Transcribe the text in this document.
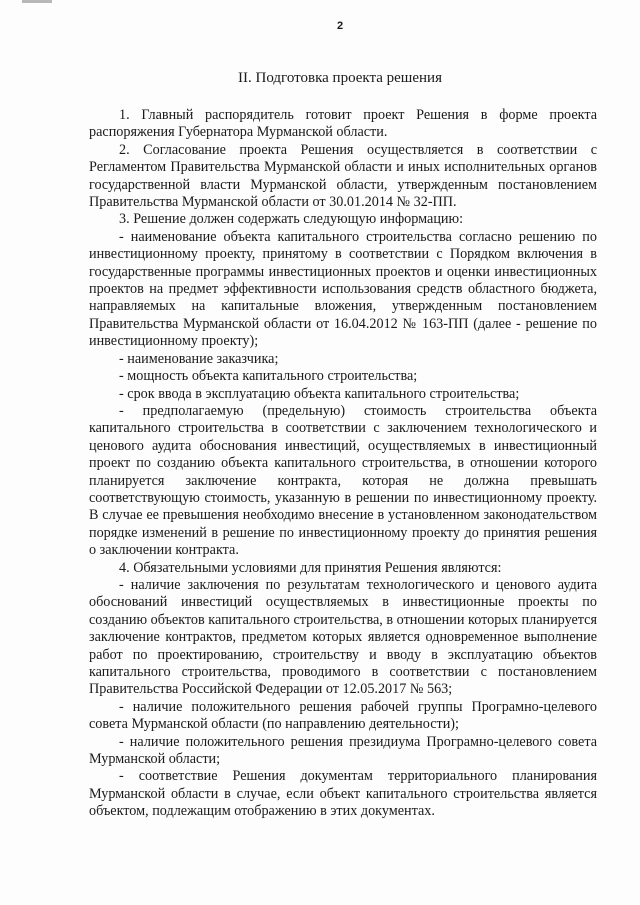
2
II. Подготовка проекта решения

1. Главный распорядитель готовит проект Решения в форме проекта распоряжения Губернатора Мурманской области.

2. Согласование проекта Решения осуществляется в соответствии с Регламентом Правительства Мурманской области и иных исполнительных органов государственной власти Мурманской области, утвержденным постановлением Правительства Мурманской области от 30.01.2014 № 32-ПП.

3. Решение должен содержать следующую информацию:

- наименование объекта капитального строительства согласно решению по инвестиционному проекту, принятому в соответствии с Порядком включения в государственные программы инвестиционных проектов и оценки инвестиционных проектов на предмет эффективности использования средств областного бюджета, направляемых на капитальные вложения, утвержденным постановлением Правительства Мурманской области от 16.04.2012 № 163-ПП (далее - решение по инвестиционному проекту);

- наименование заказчика;

- мощность объекта капитального строительства;

- срок ввода в эксплуатацию объекта капитального строительства;

- предполагаемую (предельную) стоимость строительства объекта капитального строительства в соответствии с заключением технологического и ценового аудита обоснования инвестиций, осуществляемых в инвестиционный проект по созданию объекта капитального строительства, в отношении которого планируется заключение контракта, которая не должна превышать соответствующую стоимость, указанную в решении по инвестиционному проекту. В случае ее превышения необходимо внесение в установленном законодательством порядке изменений в решение по инвестиционному проекту до принятия решения о заключении контракта.

4. Обязательными условиями для принятия Решения являются:

- наличие заключения по результатам технологического и ценового аудита обоснований инвестиций осуществляемых в инвестиционные проекты по созданию объектов капитального строительства, в отношении которых планируется заключение контрактов, предметом которых является одновременное выполнение работ по проектированию, строительству и вводу в эксплуатацию объектов капитального строительства, проводимого в соответствии с постановлением Правительства Российской Федерации от 12.05.2017 № 563;

- наличие положительного решения рабочей группы Програмно-целевого совета Мурманской области (по направлению деятельности);

- наличие положительного решения президиума Програмно-целевого совета Мурманской области;

- соответствие Решения документам территориального планирования Мурманской области в случае, если объект капитального строительства является объектом, подлежащим отображению в этих документах.
